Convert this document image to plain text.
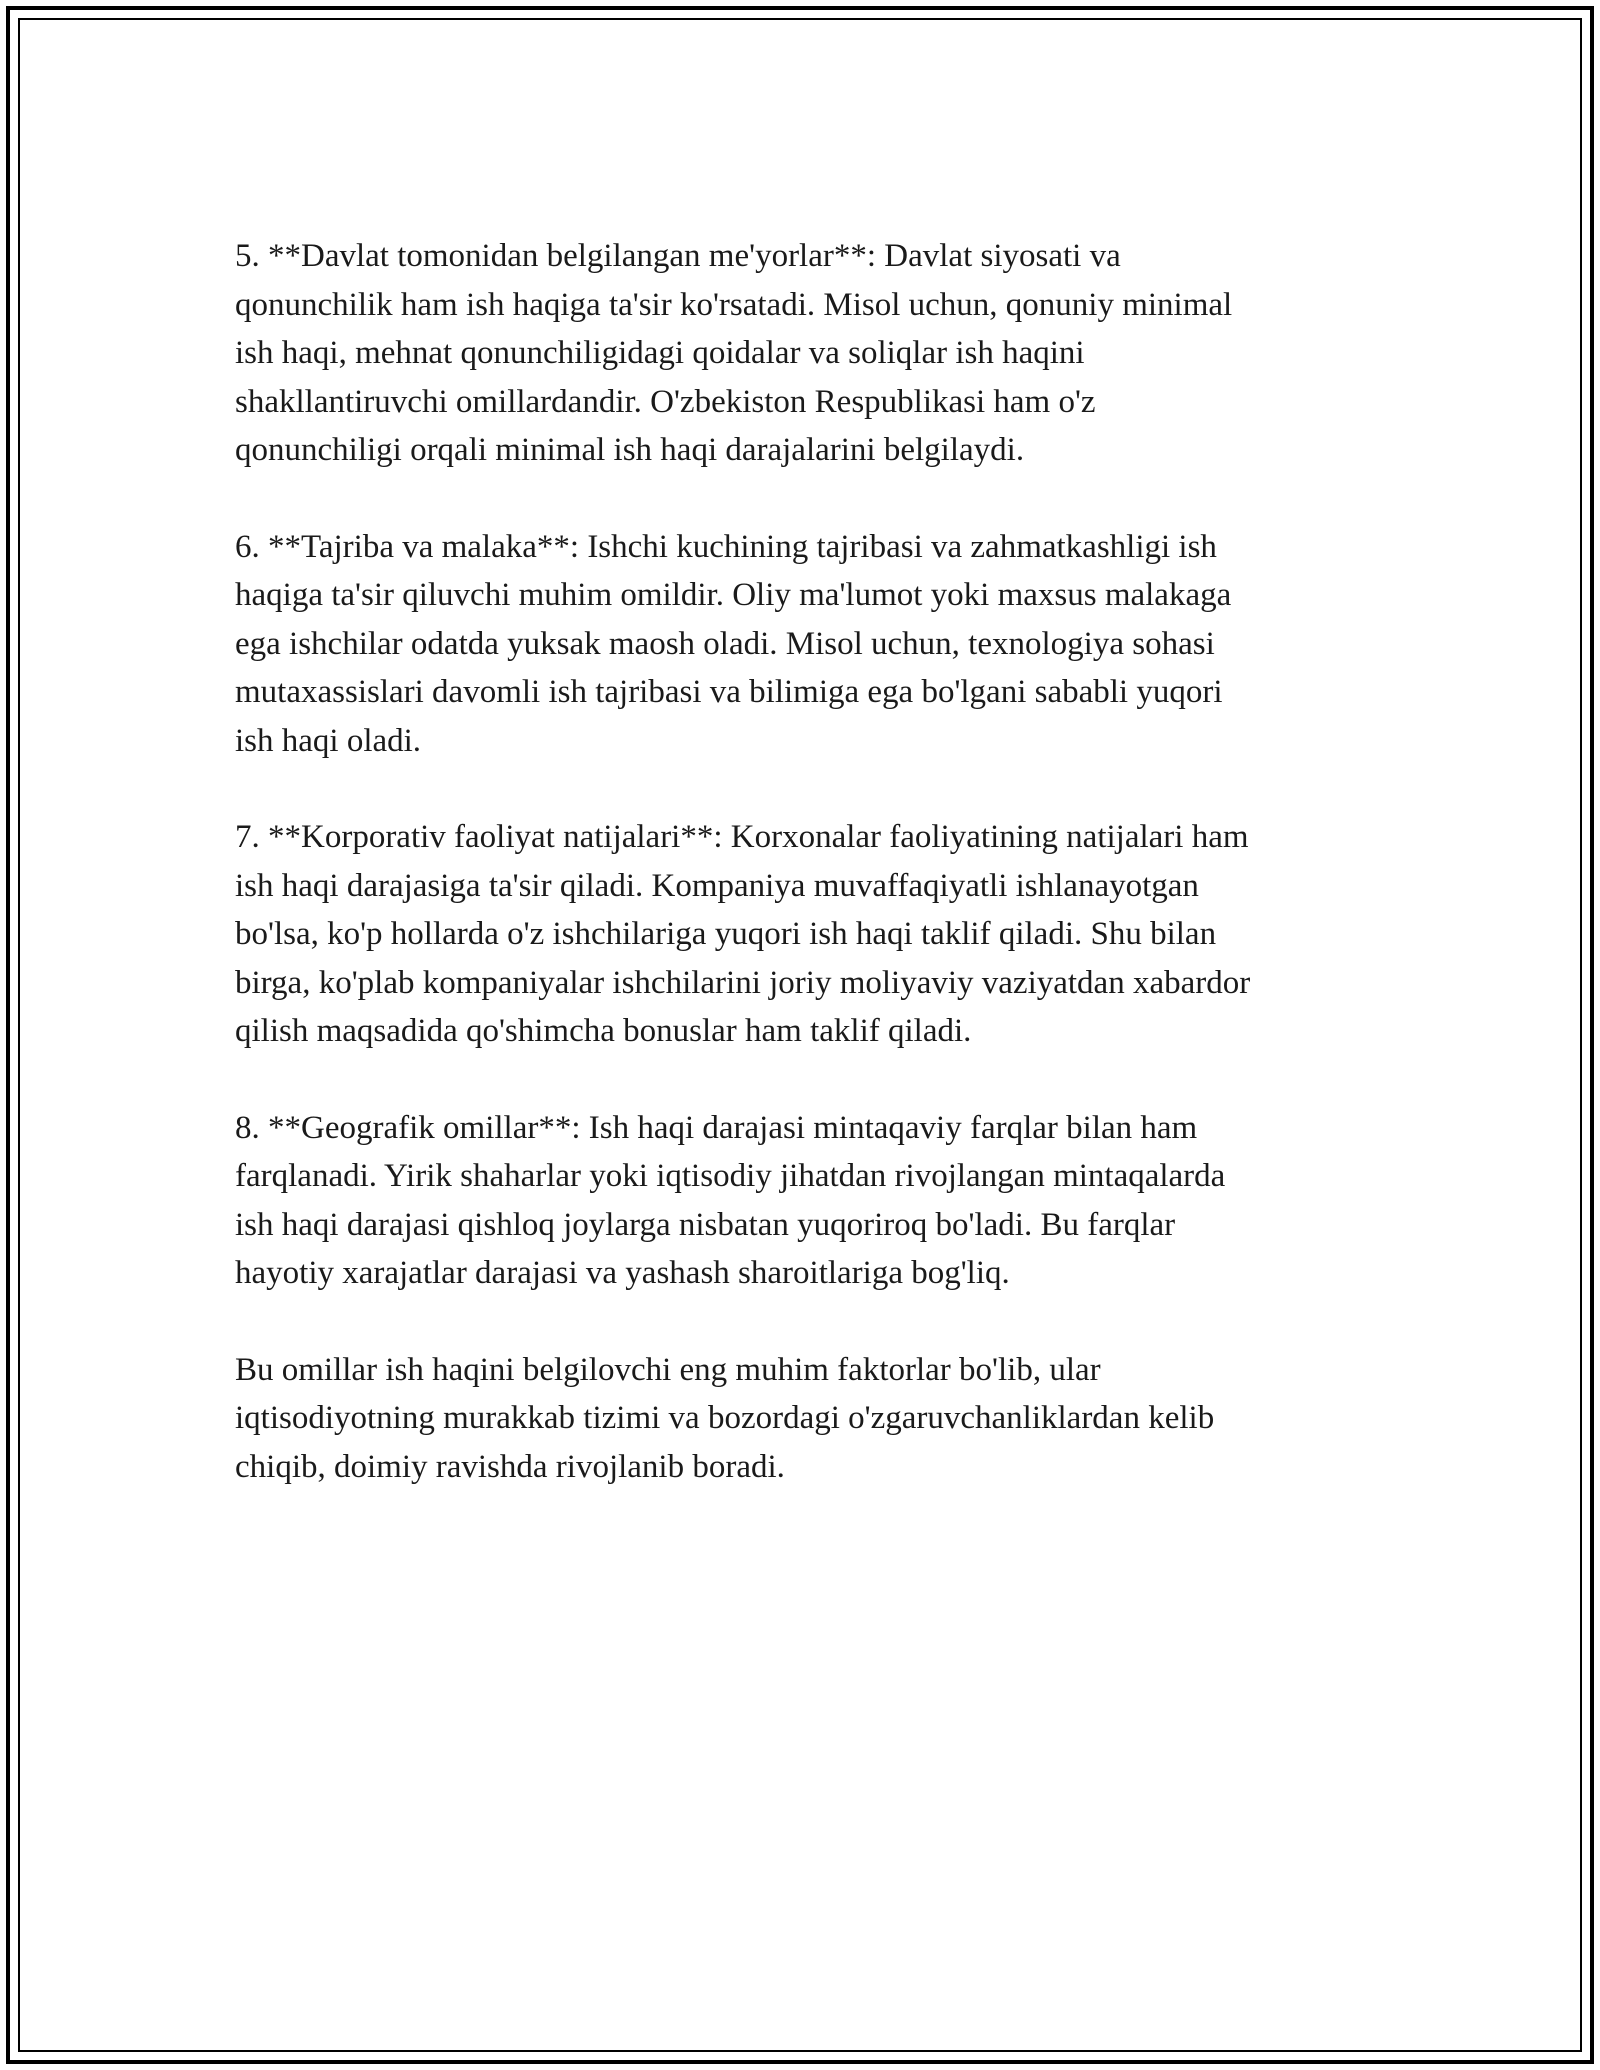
5. **Davlat tomonidan belgilangan me'yorlar**: Davlat siyosati va
qonunchilik ham ish haqiga ta'sir ko'rsatadi. Misol uchun, qonuniy minimal
ish haqi, mehnat qonunchiligidagi qoidalar va soliqlar ish haqini
shakllantiruvchi omillardandir. O'zbekiston Respublikasi ham o'z
qonunchiligi orqali minimal ish haqi darajalarini belgilaydi.

6. **Tajriba va malaka**: Ishchi kuchining tajribasi va zahmatkashligi ish
haqiga ta'sir qiluvchi muhim omildir. Oliy ma'lumot yoki maxsus malakaga
ega ishchilar odatda yuksak maosh oladi. Misol uchun, texnologiya sohasi
mutaxassislari davomli ish tajribasi va bilimiga ega bo'lgani sababli yuqori
ish haqi oladi.

7. **Korporativ faoliyat natijalari**: Korxonalar faoliyatining natijalari ham
ish haqi darajasiga ta'sir qiladi. Kompaniya muvaffaqiyatli ishlanayotgan
bo'lsa, ko'p hollarda o'z ishchilariga yuqori ish haqi taklif qiladi. Shu bilan
birga, ko'plab kompaniyalar ishchilarini joriy moliyaviy vaziyatdan xabardor
qilish maqsadida qo'shimcha bonuslar ham taklif qiladi.

8. **Geografik omillar**: Ish haqi darajasi mintaqaviy farqlar bilan ham
farqlanadi. Yirik shaharlar yoki iqtisodiy jihatdan rivojlangan mintaqalarda
ish haqi darajasi qishloq joylarga nisbatan yuqoriroq bo'ladi. Bu farqlar
hayotiy xarajatlar darajasi va yashash sharoitlariga bog'liq.

Bu omillar ish haqini belgilovchi eng muhim faktorlar bo'lib, ular
iqtisodiyotning murakkab tizimi va bozordagi o'zgaruvchanliklardan kelib
chiqib, doimiy ravishda rivojlanib boradi.
